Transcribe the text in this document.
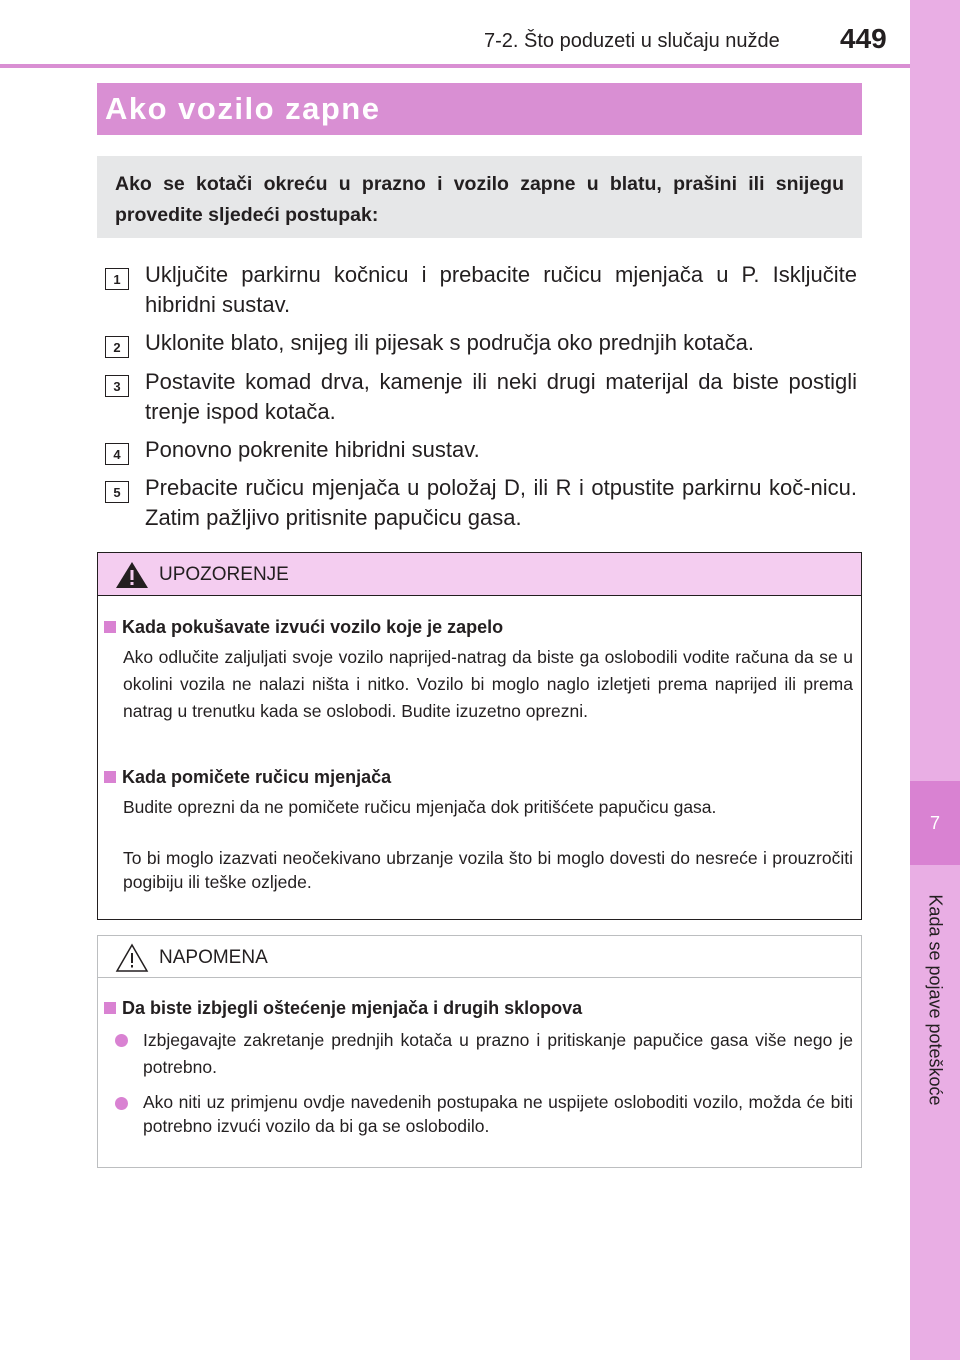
7-2. Što poduzeti u slučaju nužde 449
7
Kada se pojave poteškoće
Ako vozilo zapne

Ako se kotači okreću u prazno i vozilo zapne u blatu, prašini ili snijegu provedite sljedeći postupak:

1	Uključite parkirnu kočnicu i prebacite ručicu mjenjača u P. Isključite hibridni sustav.
2	Uklonite blato, snijeg ili pijesak s područja oko prednjih kotača.
3	Postavite komad drva, kamenje ili neki drugi materijal da biste postigli trenje ispod kotača.
4	Ponovno pokrenite hibridni sustav.
5	Prebacite ručicu mjenjača u položaj D, ili R i otpustite parkirnu koč-nicu. Zatim pažljivo pritisnite papučicu gasa.
UPOZORENJE
Kada pokušavate izvući vozilo koje je zapelo
Ako odlučite zaljuljati svoje vozilo naprijed-natrag da biste ga oslobodili vodite računa da se u okolini vozila ne nalazi ništa i nitko. Vozilo bi moglo naglo izletjeti prema naprijed ili prema natrag u trenutku kada se oslobodi. Budite izuzetno oprezni.
Kada pomičete ručicu mjenjača
Budite oprezni da ne pomičete ručicu mjenjača dok pritišćete papučicu gasa.
To bi moglo izazvati neočekivano ubrzanje vozila što bi moglo dovesti do nesreće i prouzročiti pogibiju ili teške ozljede.
NAPOMENA
Da biste izbjegli oštećenje mjenjača i drugih sklopova
Izbjegavajte zakretanje prednjih kotača u prazno i pritiskanje papučice gasa više nego je potrebno.
Ako niti uz primjenu ovdje navedenih postupaka ne uspijete osloboditi vozilo, možda će biti potrebno izvući vozilo da bi ga se oslobodilo.
